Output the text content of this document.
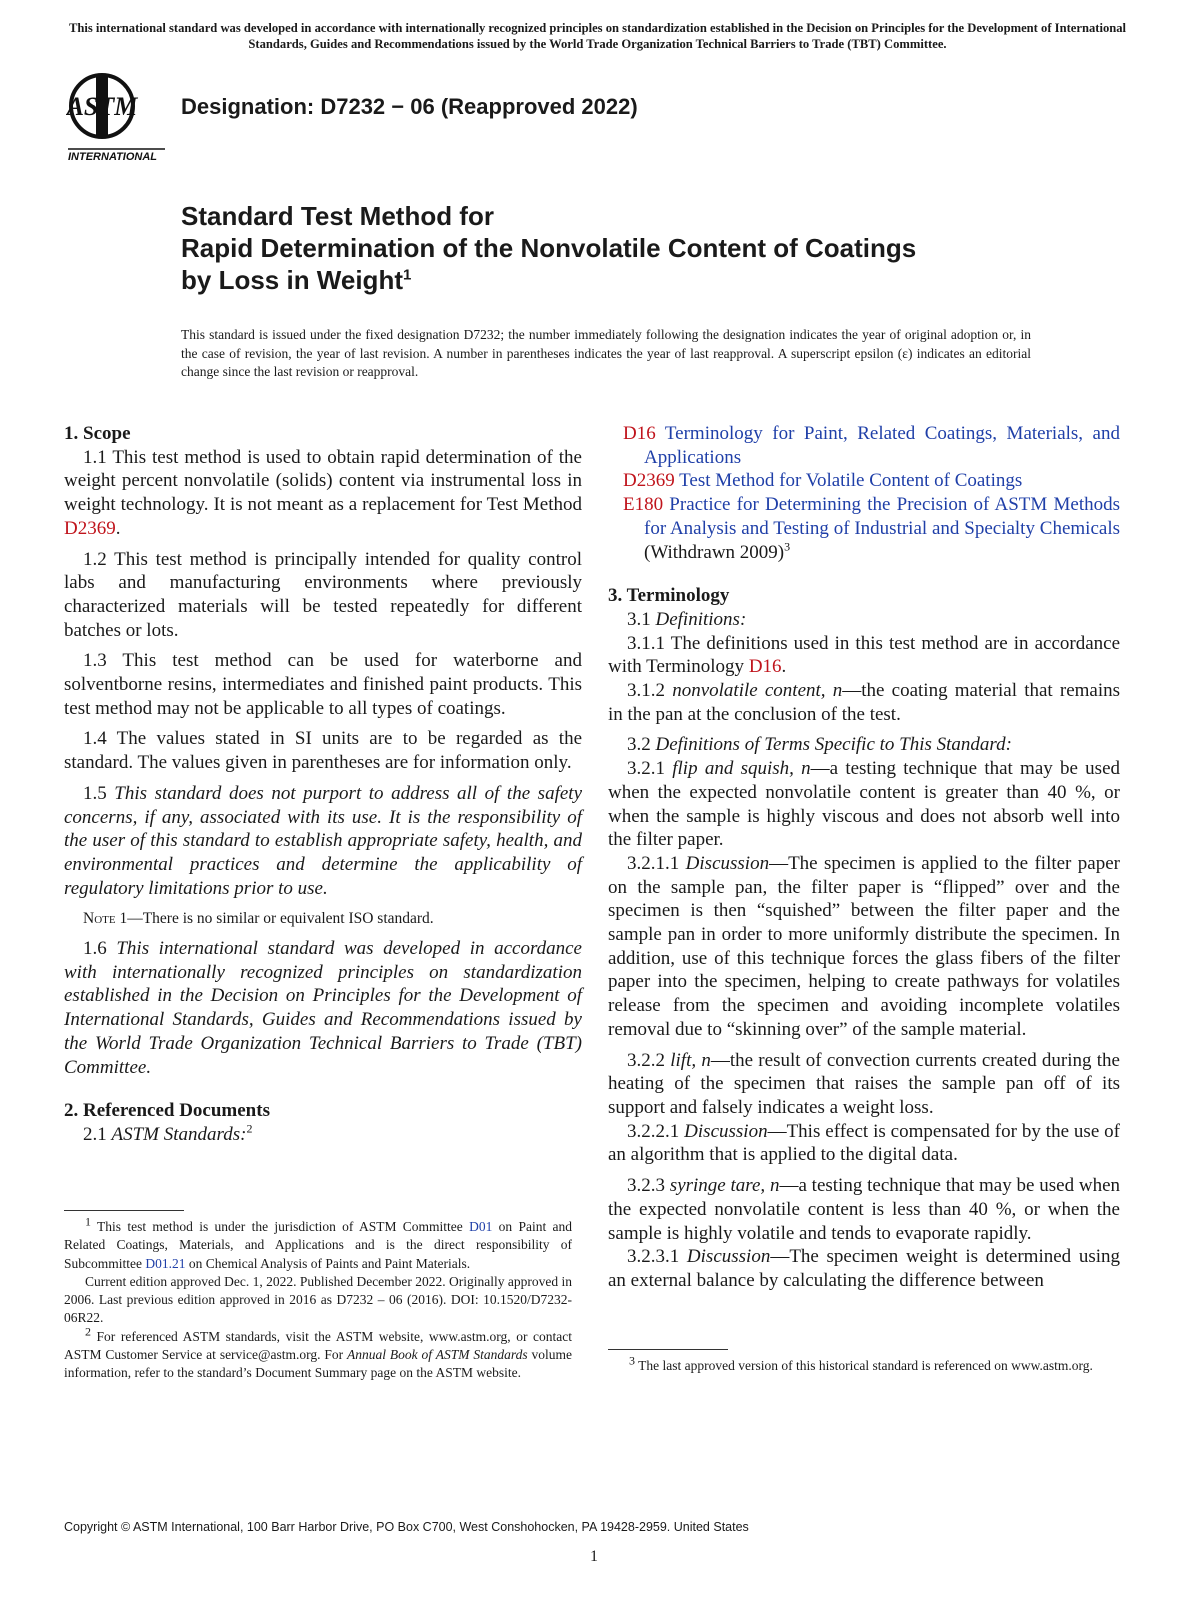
This international standard was developed in accordance with internationally recognized principles on standardization established in the Decision on Principles for the Development of International Standards, Guides and Recommendations issued by the World Trade Organization Technical Barriers to Trade (TBT) Committee.
ASTM
INTERNATIONAL
Designation: D7232 − 06 (Reapproved 2022)
Standard Test Method for
Rapid Determination of the Nonvolatile Content of Coatings
by Loss in Weight$^1$
This standard is issued under the fixed designation D7232; the number immediately following the designation indicates the year of original adoption or, in the case of revision, the year of last revision. A number in parentheses indicates the year of last reapproval. A superscript epsilon (ε) indicates an editorial change since the last revision or reapproval.

1. Scope

1.1 This test method is used to obtain rapid determination of the weight percent nonvolatile (solids) content via instrumental loss in weight technology. It is not meant as a replacement for Test Method D2369.

1.2 This test method is principally intended for quality control labs and manufacturing environments where previously characterized materials will be tested repeatedly for different batches or lots.

1.3 This test method can be used for waterborne and solventborne resins, intermediates and finished paint products. This test method may not be applicable to all types of coatings.

1.4 The values stated in SI units are to be regarded as the standard. The values given in parentheses are for information only.

1.5 This standard does not purport to address all of the safety concerns, if any, associated with its use. It is the responsibility of the user of this standard to establish appropriate safety, health, and environmental practices and determine the applicability of regulatory limitations prior to use.

Note 1—There is no similar or equivalent ISO standard.

1.6 This international standard was developed in accordance with internationally recognized principles on standardization established in the Decision on Principles for the Development of International Standards, Guides and Recommendations issued by the World Trade Organization Technical Barriers to Trade (TBT) Committee.

2. Referenced Documents

2.1 ASTM Standards:$^2$

$^1$ This test method is under the jurisdiction of ASTM Committee D01 on Paint and Related Coatings, Materials, and Applications and is the direct responsibility of Subcommittee D01.21 on Chemical Analysis of Paints and Paint Materials.

Current edition approved Dec. 1, 2022. Published December 2022. Originally approved in 2006. Last previous edition approved in 2016 as D7232 – 06 (2016). DOI: 10.1520/D7232-06R22.

$^2$ For referenced ASTM standards, visit the ASTM website, www.astm.org, or contact ASTM Customer Service at service@astm.org. For Annual Book of ASTM Standards volume information, refer to the standard’s Document Summary page on the ASTM website.

D16 Terminology for Paint, Related Coatings, Materials, and Applications

D2369 Test Method for Volatile Content of Coatings

E180 Practice for Determining the Precision of ASTM Methods for Analysis and Testing of Industrial and Specialty Chemicals (Withdrawn 2009)$^3$

3. Terminology

3.1 Definitions:

3.1.1 The definitions used in this test method are in accordance with Terminology D16.

3.1.2 nonvolatile content, n—the coating material that remains in the pan at the conclusion of the test.

3.2 Definitions of Terms Specific to This Standard:

3.2.1 flip and squish, n—a testing technique that may be used when the expected nonvolatile content is greater than 40 %, or when the sample is highly viscous and does not absorb well into the filter paper.

3.2.1.1 Discussion—The specimen is applied to the filter paper on the sample pan, the filter paper is “flipped” over and the specimen is then “squished” between the filter paper and the sample pan in order to more uniformly distribute the specimen. In addition, use of this technique forces the glass fibers of the filter paper into the specimen, helping to create pathways for volatiles release from the specimen and avoiding incomplete volatiles removal due to “skinning over” of the sample material.

3.2.2 lift, n—the result of convection currents created during the heating of the specimen that raises the sample pan off of its support and falsely indicates a weight loss.

3.2.2.1 Discussion—This effect is compensated for by the use of an algorithm that is applied to the digital data.

3.2.3 syringe tare, n—a testing technique that may be used when the expected nonvolatile content is less than 40 %, or when the sample is highly volatile and tends to evaporate rapidly.

3.2.3.1 Discussion—The specimen weight is determined using an external balance by calculating the difference between

$^3$ The last approved version of this historical standard is referenced on www.astm.org.

Copyright © ASTM International, 100 Barr Harbor Drive, PO Box C700, West Conshohocken, PA 19428-2959. United States
1
